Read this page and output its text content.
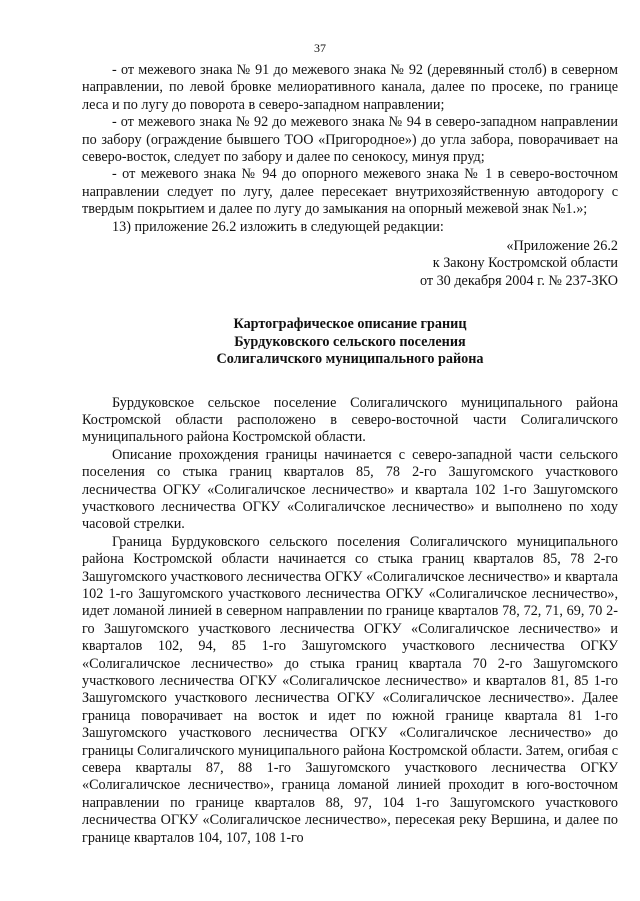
37

- от межевого знака № 91 до межевого знака № 92 (деревянный столб) в северном направлении, по левой бровке мелиоративного канала, далее по просеке, по границе леса и по лугу до поворота в северо-западном направлении;

- от межевого знака № 92 до межевого знака № 94 в северо-западном направлении по забору (ограждение бывшего ТОО «Пригородное») до угла забора, поворачивает на северо-восток, следует по забору и далее по сенокосу, минуя пруд;

- от межевого знака № 94 до опорного межевого знака № 1 в северо-восточном направлении следует по лугу, далее пересекает внутрихозяйственную автодорогу с твердым покрытием и далее по лугу до замыкания на опорный межевой знак №1.»;

13) приложение 26.2 изложить в следующей редакции:

«Приложение 26.2

к Закону Костромской области

от 30 декабря 2004 г. № 237-ЗКО

Картографическое описание границ
Бурдуковского сельского поселения
Солигаличского муниципального района

Бурдуковское сельское поселение Солигаличского муниципального района Костромской области расположено в северо-восточной части Солигаличского муниципального района Костромской области.

Описание прохождения границы начинается с северо-западной части сельского поселения со стыка границ кварталов 85, 78 2-го Зашугомского участкового лесничества ОГКУ «Солигаличское лесничество» и квартала 102 1-го Зашугомского участкового лесничества ОГКУ «Солигаличское лесничество» и выполнено по ходу часовой стрелки.

Граница Бурдуковского сельского поселения Солигаличского муниципального района Костромской области начинается со стыка границ кварталов 85, 78 2-го Зашугомского участкового лесничества ОГКУ «Солигаличское лесничество» и квартала 102 1-го Зашугомского участкового лесничества ОГКУ «Солигаличское лесничество», идет ломаной линией в северном направлении по границе кварталов 78, 72, 71, 69, 70 2-го Зашугомского участкового лесничества ОГКУ «Солигаличское лесничество» и кварталов 102, 94, 85 1-го Зашугомского участкового лесничества ОГКУ «Солигаличское лесничество» до стыка границ квартала 70 2-го Зашугомского участкового лесничества ОГКУ «Солигаличское лесничество» и кварталов 81, 85 1-го Зашугомского участкового лесничества ОГКУ «Солигаличское лесничество». Далее граница поворачивает на восток и идет по южной границе квартала 81 1-го Зашугомского участкового лесничества ОГКУ «Солигаличское лесничество» до границы Солигаличского муниципального района Костромской области. Затем, огибая с севера кварталы 87, 88 1-го Зашугомского участкового лесничества ОГКУ «Солигаличское лесничество», граница ломаной линией проходит в юго-восточном направлении по границе кварталов 88, 97, 104 1-го Зашугомского участкового лесничества ОГКУ «Солигаличское лесничество», пересекая реку Вершина, и далее по границе кварталов 104, 107, 108 1-го
